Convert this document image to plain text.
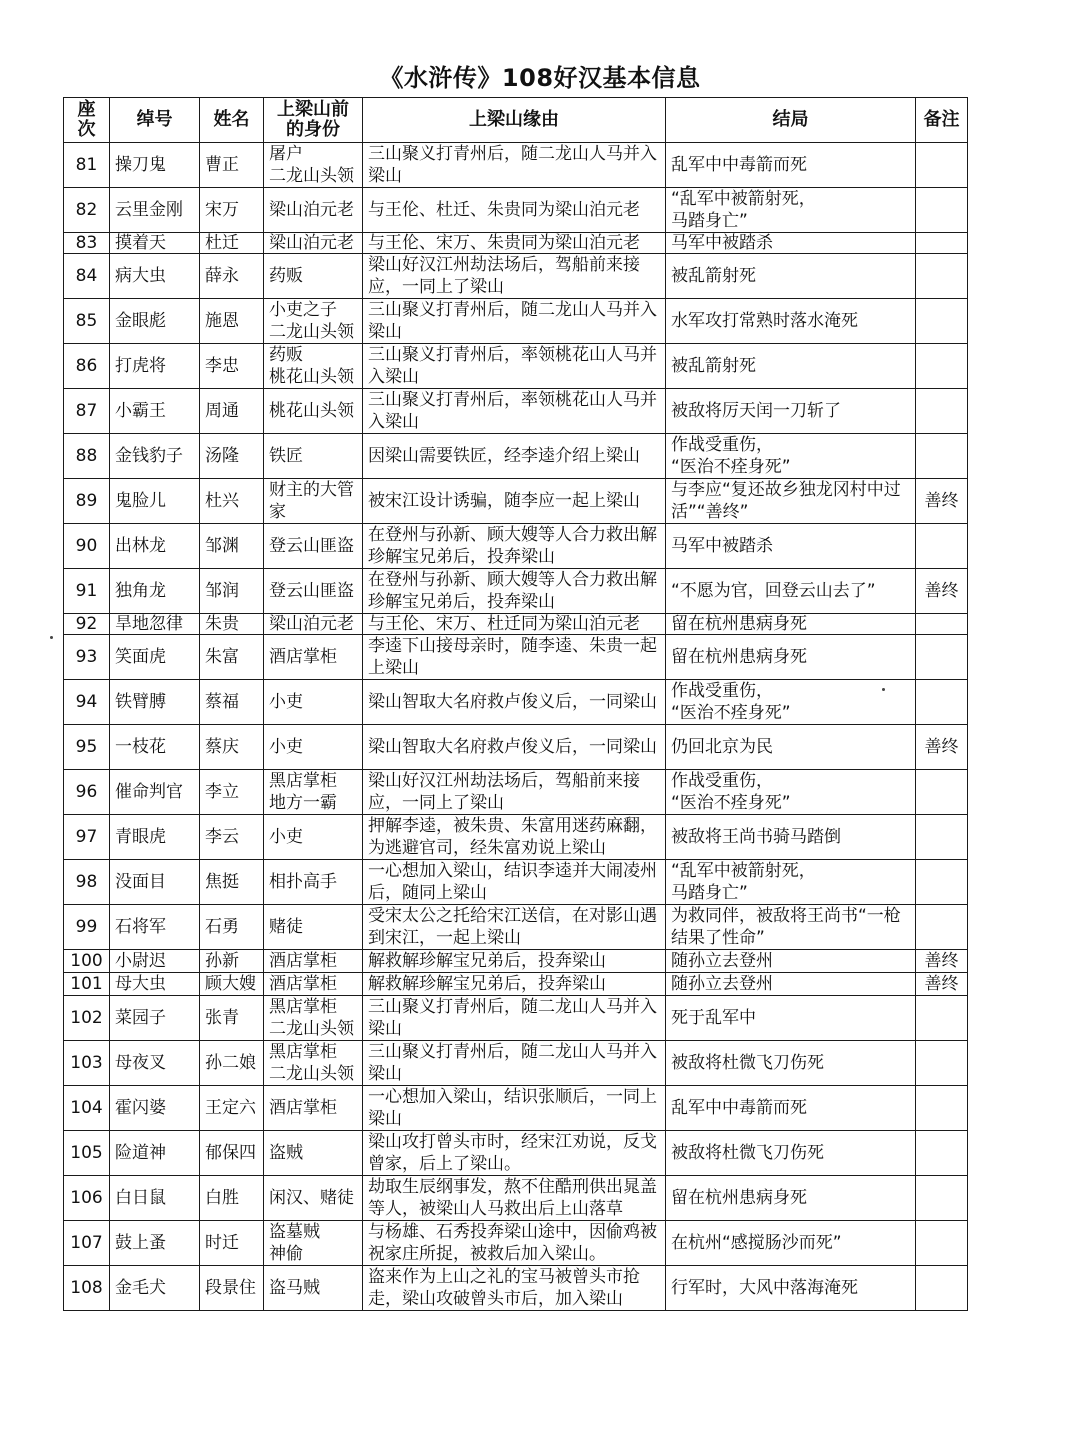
《水浒传》108好汉基本信息
座次	绰号	姓名	上梁山前的身份	上梁山缘由	结局	备注
81	操刀鬼	曹正	屠户
二龙山头领	三山聚义打青州后，随二龙山人马并入梁山	乱军中中毒箭而死	
82	云里金刚	宋万	梁山泊元老	与王伦、杜迁、朱贵同为梁山泊元老	“乱军中被箭射死，
马踏身亡”	
83	摸着天	杜迁	梁山泊元老	与王伦、宋万、朱贵同为梁山泊元老	马军中被踏杀	
84	病大虫	薛永	药贩	梁山好汉江州劫法场后，驾船前来接应，一同上了梁山	被乱箭射死	
85	金眼彪	施恩	小吏之子
二龙山头领	三山聚义打青州后，随二龙山人马并入梁山	水军攻打常熟时落水淹死	
86	打虎将	李忠	药贩
桃花山头领	三山聚义打青州后，率领桃花山人马并入梁山	被乱箭射死	
87	小霸王	周通	桃花山头领	三山聚义打青州后，率领桃花山人马并入梁山	被敌将厉天闰一刀斩了	
88	金钱豹子	汤隆	铁匠	因梁山需要铁匠，经李逵介绍上梁山	作战受重伤，
“医治不痊身死”	
89	鬼脸儿	杜兴	财主的大管家	被宋江设计诱骗，随李应一起上梁山	与李应“复还故乡独龙冈村中过活”“善终”	善终
90	出林龙	邹渊	登云山匪盗	在登州与孙新、顾大嫂等人合力救出解珍解宝兄弟后，投奔梁山	马军中被踏杀	
91	独角龙	邹润	登云山匪盗	在登州与孙新、顾大嫂等人合力救出解珍解宝兄弟后，投奔梁山	“不愿为官，回登云山去了”	善终
92	旱地忽律	朱贵	梁山泊元老	与王伦、宋万、杜迁同为梁山泊元老	留在杭州患病身死	
93	笑面虎	朱富	酒店掌柜	李逵下山接母亲时，随李逵、朱贵一起上梁山	留在杭州患病身死	
94	铁臂膊	蔡福	小吏	梁山智取大名府救卢俊义后，一同梁山	作战受重伤，
“医治不痊身死”	
95	一枝花	蔡庆	小吏	梁山智取大名府救卢俊义后，一同梁山	仍回北京为民	善终
96	催命判官	李立	黑店掌柜
地方一霸	梁山好汉江州劫法场后，驾船前来接应，一同上了梁山	作战受重伤，
“医治不痊身死”	
97	青眼虎	李云	小吏	押解李逵，被朱贵、朱富用迷药麻翻，为逃避官司，经朱富劝说上梁山	被敌将王尚书骑马踏倒	
98	没面目	焦挺	相扑高手	一心想加入梁山，结识李逵并大闹凌州后，随同上梁山	“乱军中被箭射死，
马踏身亡”	
99	石将军	石勇	赌徒	受宋太公之托给宋江送信，在对影山遇到宋江，一起上梁山	为救同伴，被敌将王尚书“一枪结果了性命”	
100	小尉迟	孙新	酒店掌柜	解救解珍解宝兄弟后，投奔梁山	随孙立去登州	善终
101	母大虫	顾大嫂	酒店掌柜	解救解珍解宝兄弟后，投奔梁山	随孙立去登州	善终
102	菜园子	张青	黑店掌柜
二龙山头领	三山聚义打青州后，随二龙山人马并入梁山	死于乱军中	
103	母夜叉	孙二娘	黑店掌柜
二龙山头领	三山聚义打青州后，随二龙山人马并入梁山	被敌将杜微飞刀伤死	
104	霍闪婆	王定六	酒店掌柜	一心想加入梁山，结识张顺后，一同上梁山	乱军中中毒箭而死	
105	险道神	郁保四	盗贼	梁山攻打曾头市时，经宋江劝说，反戈曾家，后上了梁山。	被敌将杜微飞刀伤死	
106	白日鼠	白胜	闲汉、赌徒	劫取生辰纲事发，熬不住酷刑供出晁盖等人，被梁山人马救出后上山落草	留在杭州患病身死	
107	鼓上蚤	时迁	盗墓贼
神偷	与杨雄、石秀投奔梁山途中，因偷鸡被祝家庄所捉，被救后加入梁山。	在杭州“感搅肠沙而死”	
108	金毛犬	段景住	盗马贼	盗来作为上山之礼的宝马被曾头市抢走，梁山攻破曾头市后，加入梁山	行军时，大风中落海淹死	
